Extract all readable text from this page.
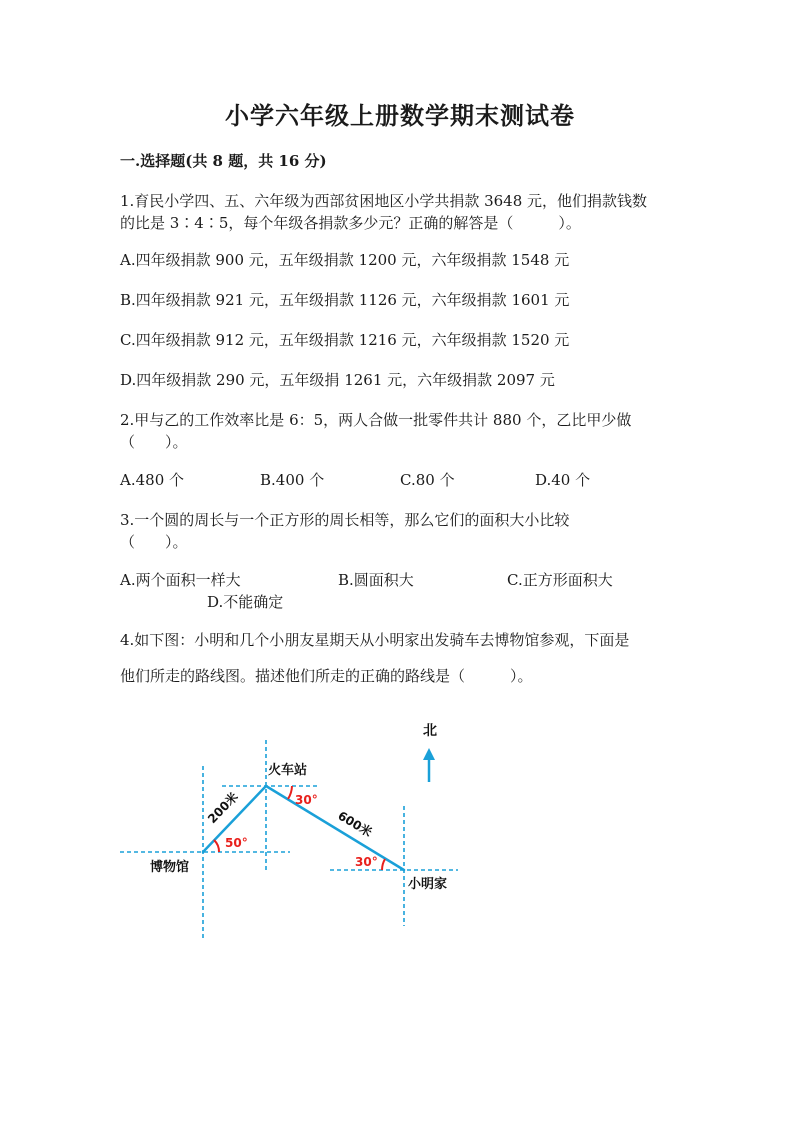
小学六年级上册数学期末测试卷
一.选择题(共 8 题，共 16 分)
1.育民小学四、五、六年级为西部贫困地区小学共捐款 3648 元，他们捐款钱数
的比是 3∶4∶5，每个年级各捐款多少元？正确的解答是（　　　）。
A.四年级捐款 900 元，五年级捐款 1200 元，六年级捐款 1548 元
B.四年级捐款 921 元，五年级捐款 1126 元，六年级捐款 1601 元
C.四年级捐款 912 元，五年级捐款 1216 元，六年级捐款 1520 元
D.四年级捐款 290 元，五年级捐 1261 元，六年级捐款 2097 元
2.甲与乙的工作效率比是 6：5，两人合做一批零件共计 880 个，乙比甲少做
（　　）。
A.480 个	B.400 个	C.80 个	D.40 个
3.一个圆的周长与一个正方形的周长相等，那么它们的面积大小比较
（　　）。
A.两个面积一样大	B.圆面积大	C.正方形面积大
D.不能确定
4.如下图：小明和几个小朋友星期天从小明家出发骑车去博物馆参观，下面是
他们所走的路线图。描述他们所走的正确的路线是（　　　）。
北
50°
30°
30°
200米	600米
火车站
博物馆
小明家
